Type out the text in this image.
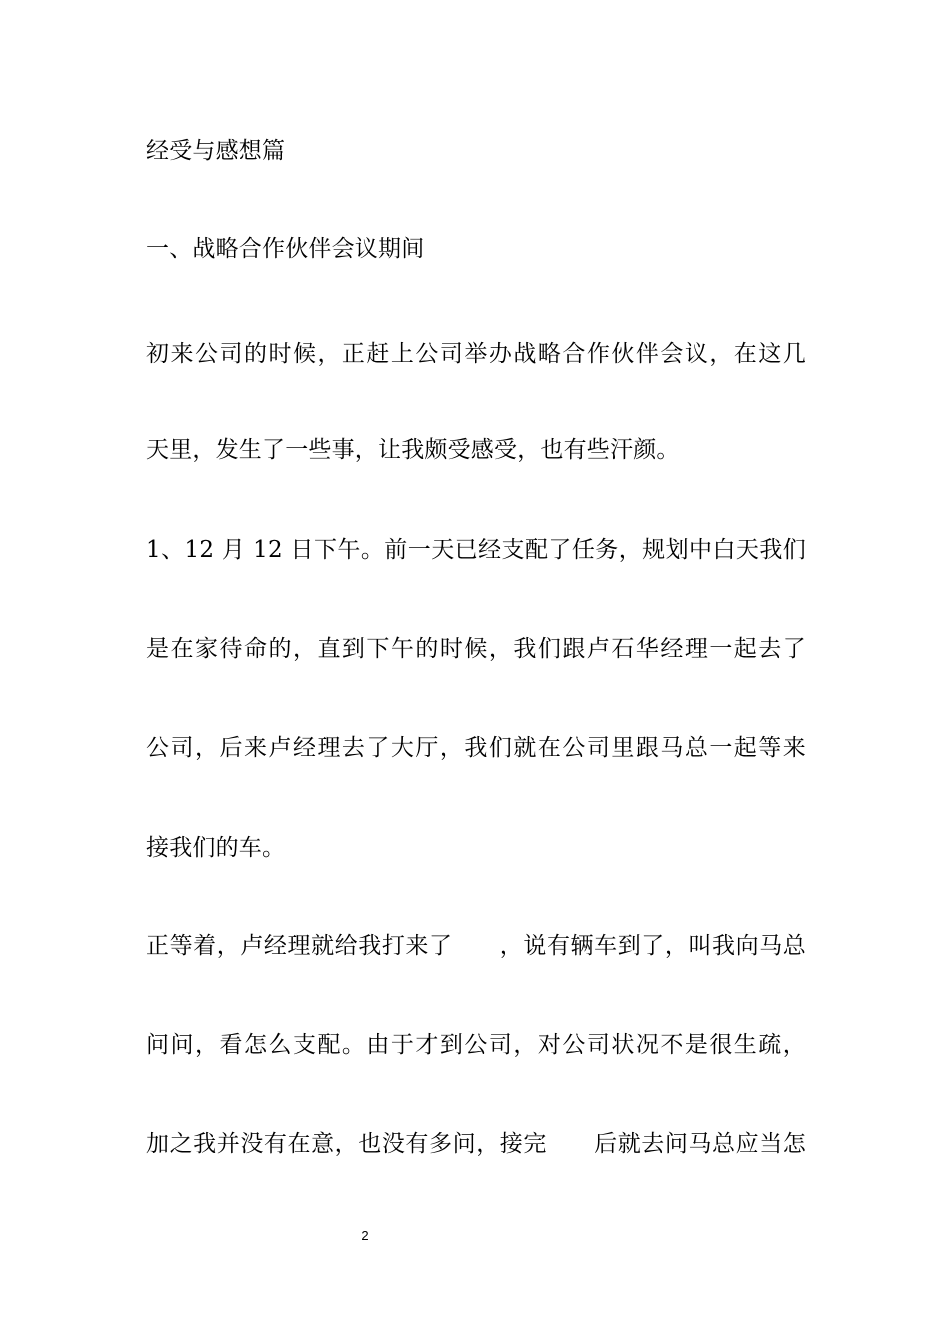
经受与感想篇
一、战略合作伙伴会议期间
初来公司的时候，正赶上公司举办战略合作伙伴会议，在这几
天里，发生了一些事，让我颇受感受，也有些汗颜。
1、12 月 12 日下午。前一天已经支配了任务，规划中白天我们
是在家待命的，直到下午的时候，我们跟卢石华经理一起去了
公司，后来卢经理去了大厅，我们就在公司里跟马总一起等来
接我们的车。
正等着，卢经理就给我打来了　　，说有辆车到了，叫我向马总
问问，看怎么支配。由于才到公司，对公司状况不是很生疏，
加之我并没有在意，也没有多问，接完　　后就去问马总应当怎
2
